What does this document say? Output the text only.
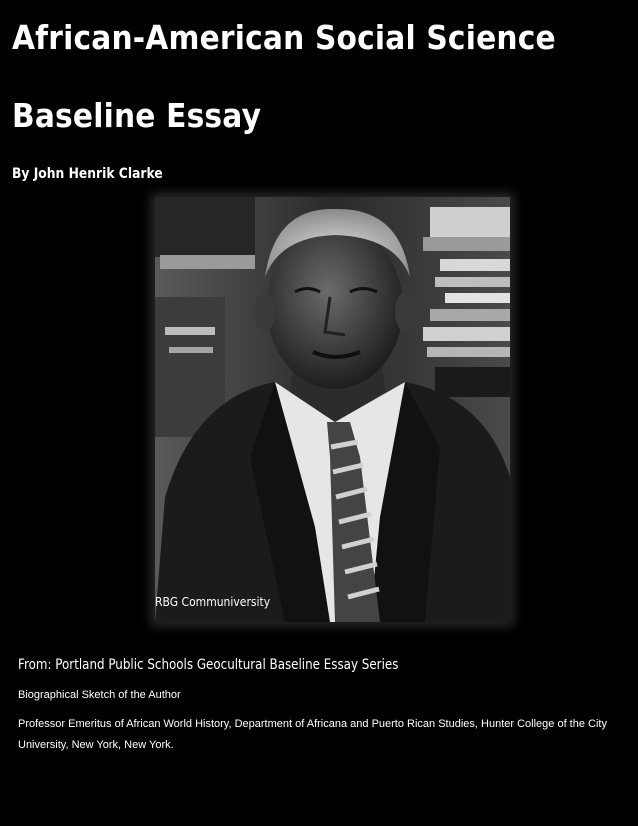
African-American Social Science
Baseline Essay

By John Henrik Clarke

RBG Communiversity

From: Portland Public Schools Geocultural Baseline Essay Series

Biographical Sketch of the Author

Professor Emeritus of African World History, Department of Africana and Puerto Rican Studies, Hunter College of the City University, New York, New York.
